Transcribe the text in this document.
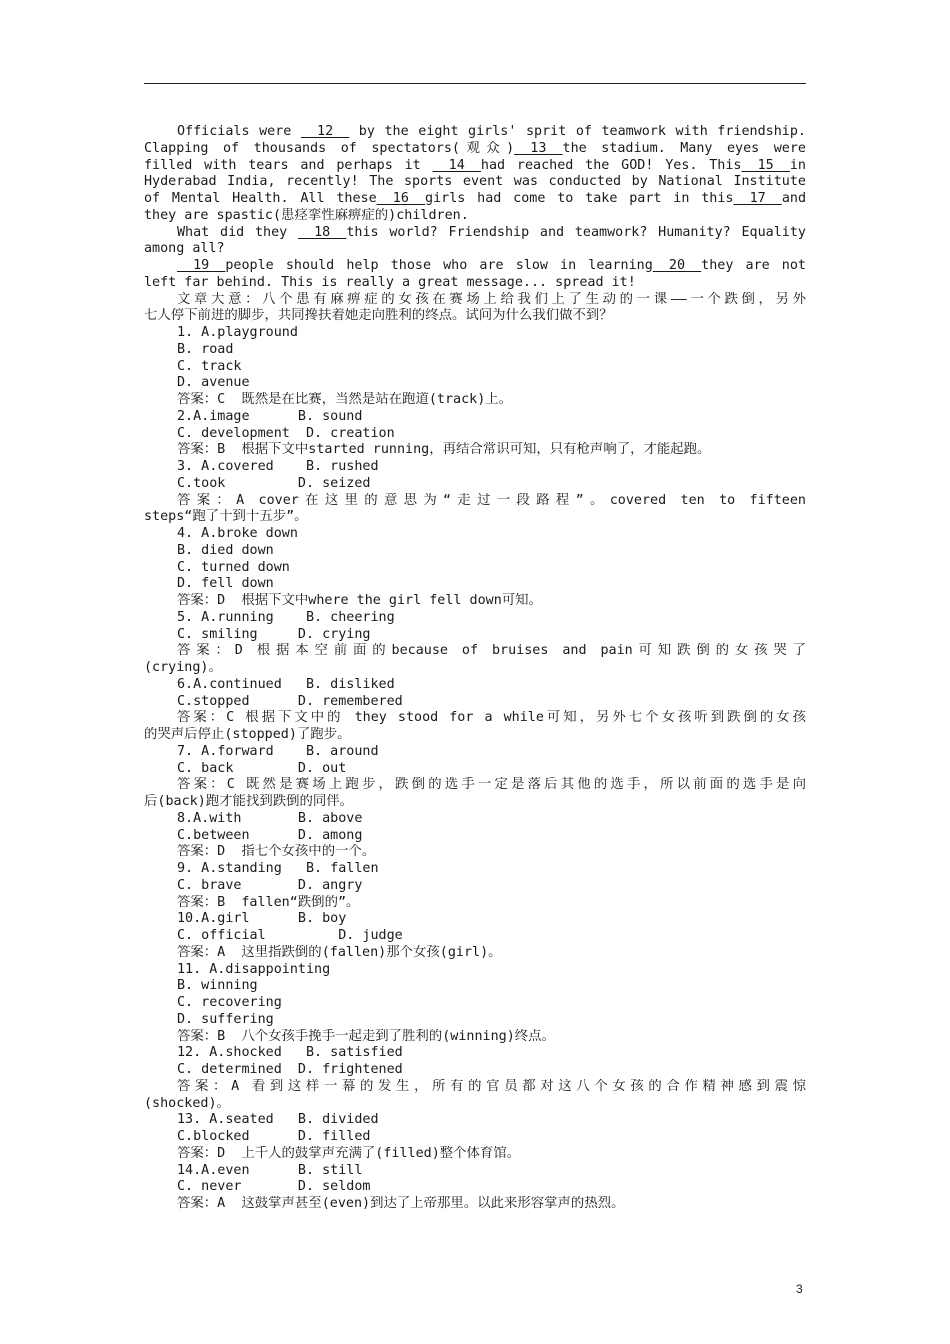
Officials were   12   by the eight girls' sprit of teamwork with friendship.
Clapping of thousands of spectators(观众)  13  the stadium. Many eyes were
filled with tears and perhaps it   14  had reached the GOD! Yes. This  15  in
Hyderabad India, recently! The sports event was conducted by National Institute
of Mental Health. All these  16  girls had come to take part in this  17  and
they are spastic(患痉挛性麻痹症的)children.
What did they   18  this world? Friendship and teamwork? Humanity? Equality
among all?
19  people should help those who are slow in learning  20  they are not
left far behind. This is really a great message... spread it!
文章大意：八个患有麻痹症的女孩在赛场上给我们上了生动的一课——一个跌倒，另外
七人停下前进的脚步，共同搀扶着她走向胜利的终点。试问为什么我们做不到？
1. A.playground
B. road
C. track
D. avenue
答案：C  既然是在比赛，当然是站在跑道(track)上。
2.A.image      B. sound
C. development  D. creation
答案：B  根据下文中started running，再结合常识可知，只有枪声响了，才能起跑。
3. A.covered    B. rushed
C.took         D. seized
答案：A cover在这里的意思为“走过一段路程”。covered ten to fifteen
steps“跑了十到十五步”。
4. A.broke down
B. died down
C. turned down
D. fell down
答案：D  根据下文中where the girl fell down可知。
5. A.running    B. cheering
C. smiling     D. crying
答案：D 根据本空前面的because of bruises and pain可知跌倒的女孩哭了
(crying)。
6.A.continued   B. disliked
C.stopped      D. remembered
答案：C 根据下文中的 they stood for a while可知，另外七个女孩听到跌倒的女孩
的哭声后停止(stopped)了跑步。
7. A.forward    B. around
C. back        D. out
答案：C 既然是赛场上跑步，跌倒的选手一定是落后其他的选手，所以前面的选手是向
后(back)跑才能找到跌倒的同伴。
8.A.with       B. above
C.between      D. among
答案：D  指七个女孩中的一个。
9. A.standing   B. fallen
C. brave       D. angry
答案：B  fallen“跌倒的”。
10.A.girl      B. boy
C. official         D. judge
答案：A  这里指跌倒的(fallen)那个女孩(girl)。
11. A.disappointing
B. winning
C. recovering
D. suffering
答案：B  八个女孩手挽手一起走到了胜利的(winning)终点。
12. A.shocked   B. satisfied
C. determined  D. frightened
答案：A 看到这样一幕的发生，所有的官员都对这八个女孩的合作精神感到震惊
(shocked)。
13. A.seated   B. divided
C.blocked      D. filled
答案：D  上千人的鼓掌声充满了(filled)整个体育馆。
14.A.even      B. still
C. never       D. seldom
答案：A  这鼓掌声甚至(even)到达了上帝那里。以此来形容掌声的热烈。
3
